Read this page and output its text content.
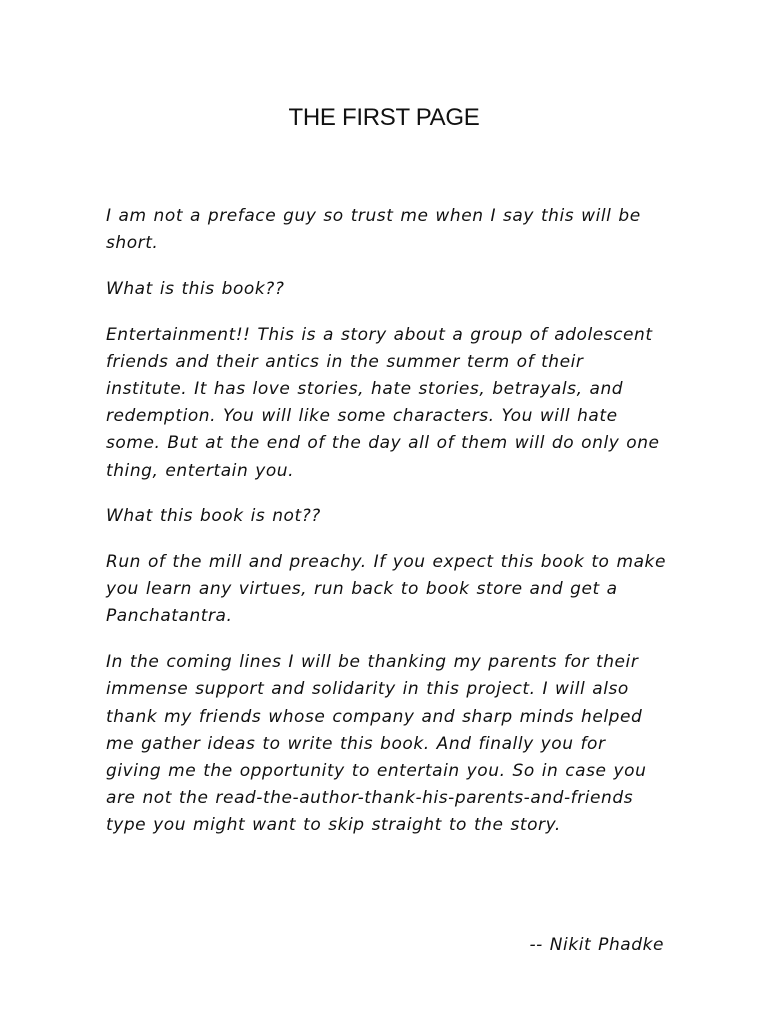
THE FIRST PAGE

I am not a preface guy so trust me when I say this will be short.

What is this book??

Entertainment!! This is a story about a group of adolescent friends and their antics in the summer term of their institute. It has love stories, hate stories, betrayals, and redemption. You will like some characters. You will hate some. But at the end of the day all of them will do only one thing, entertain you.

What this book is not??

Run of the mill and preachy. If you expect this book to make you learn any virtues, run back to book store and get a Panchatantra.

In the coming lines I will be thanking my parents for their immense support and solidarity in this project. I will also thank my friends whose company and sharp minds helped me gather ideas to write this book. And finally you for giving me the opportunity to entertain you. So in case you are not the read-the-author-thank-his-parents-and-friends type you might want to skip straight to the story.

-- Nikit Phadke
